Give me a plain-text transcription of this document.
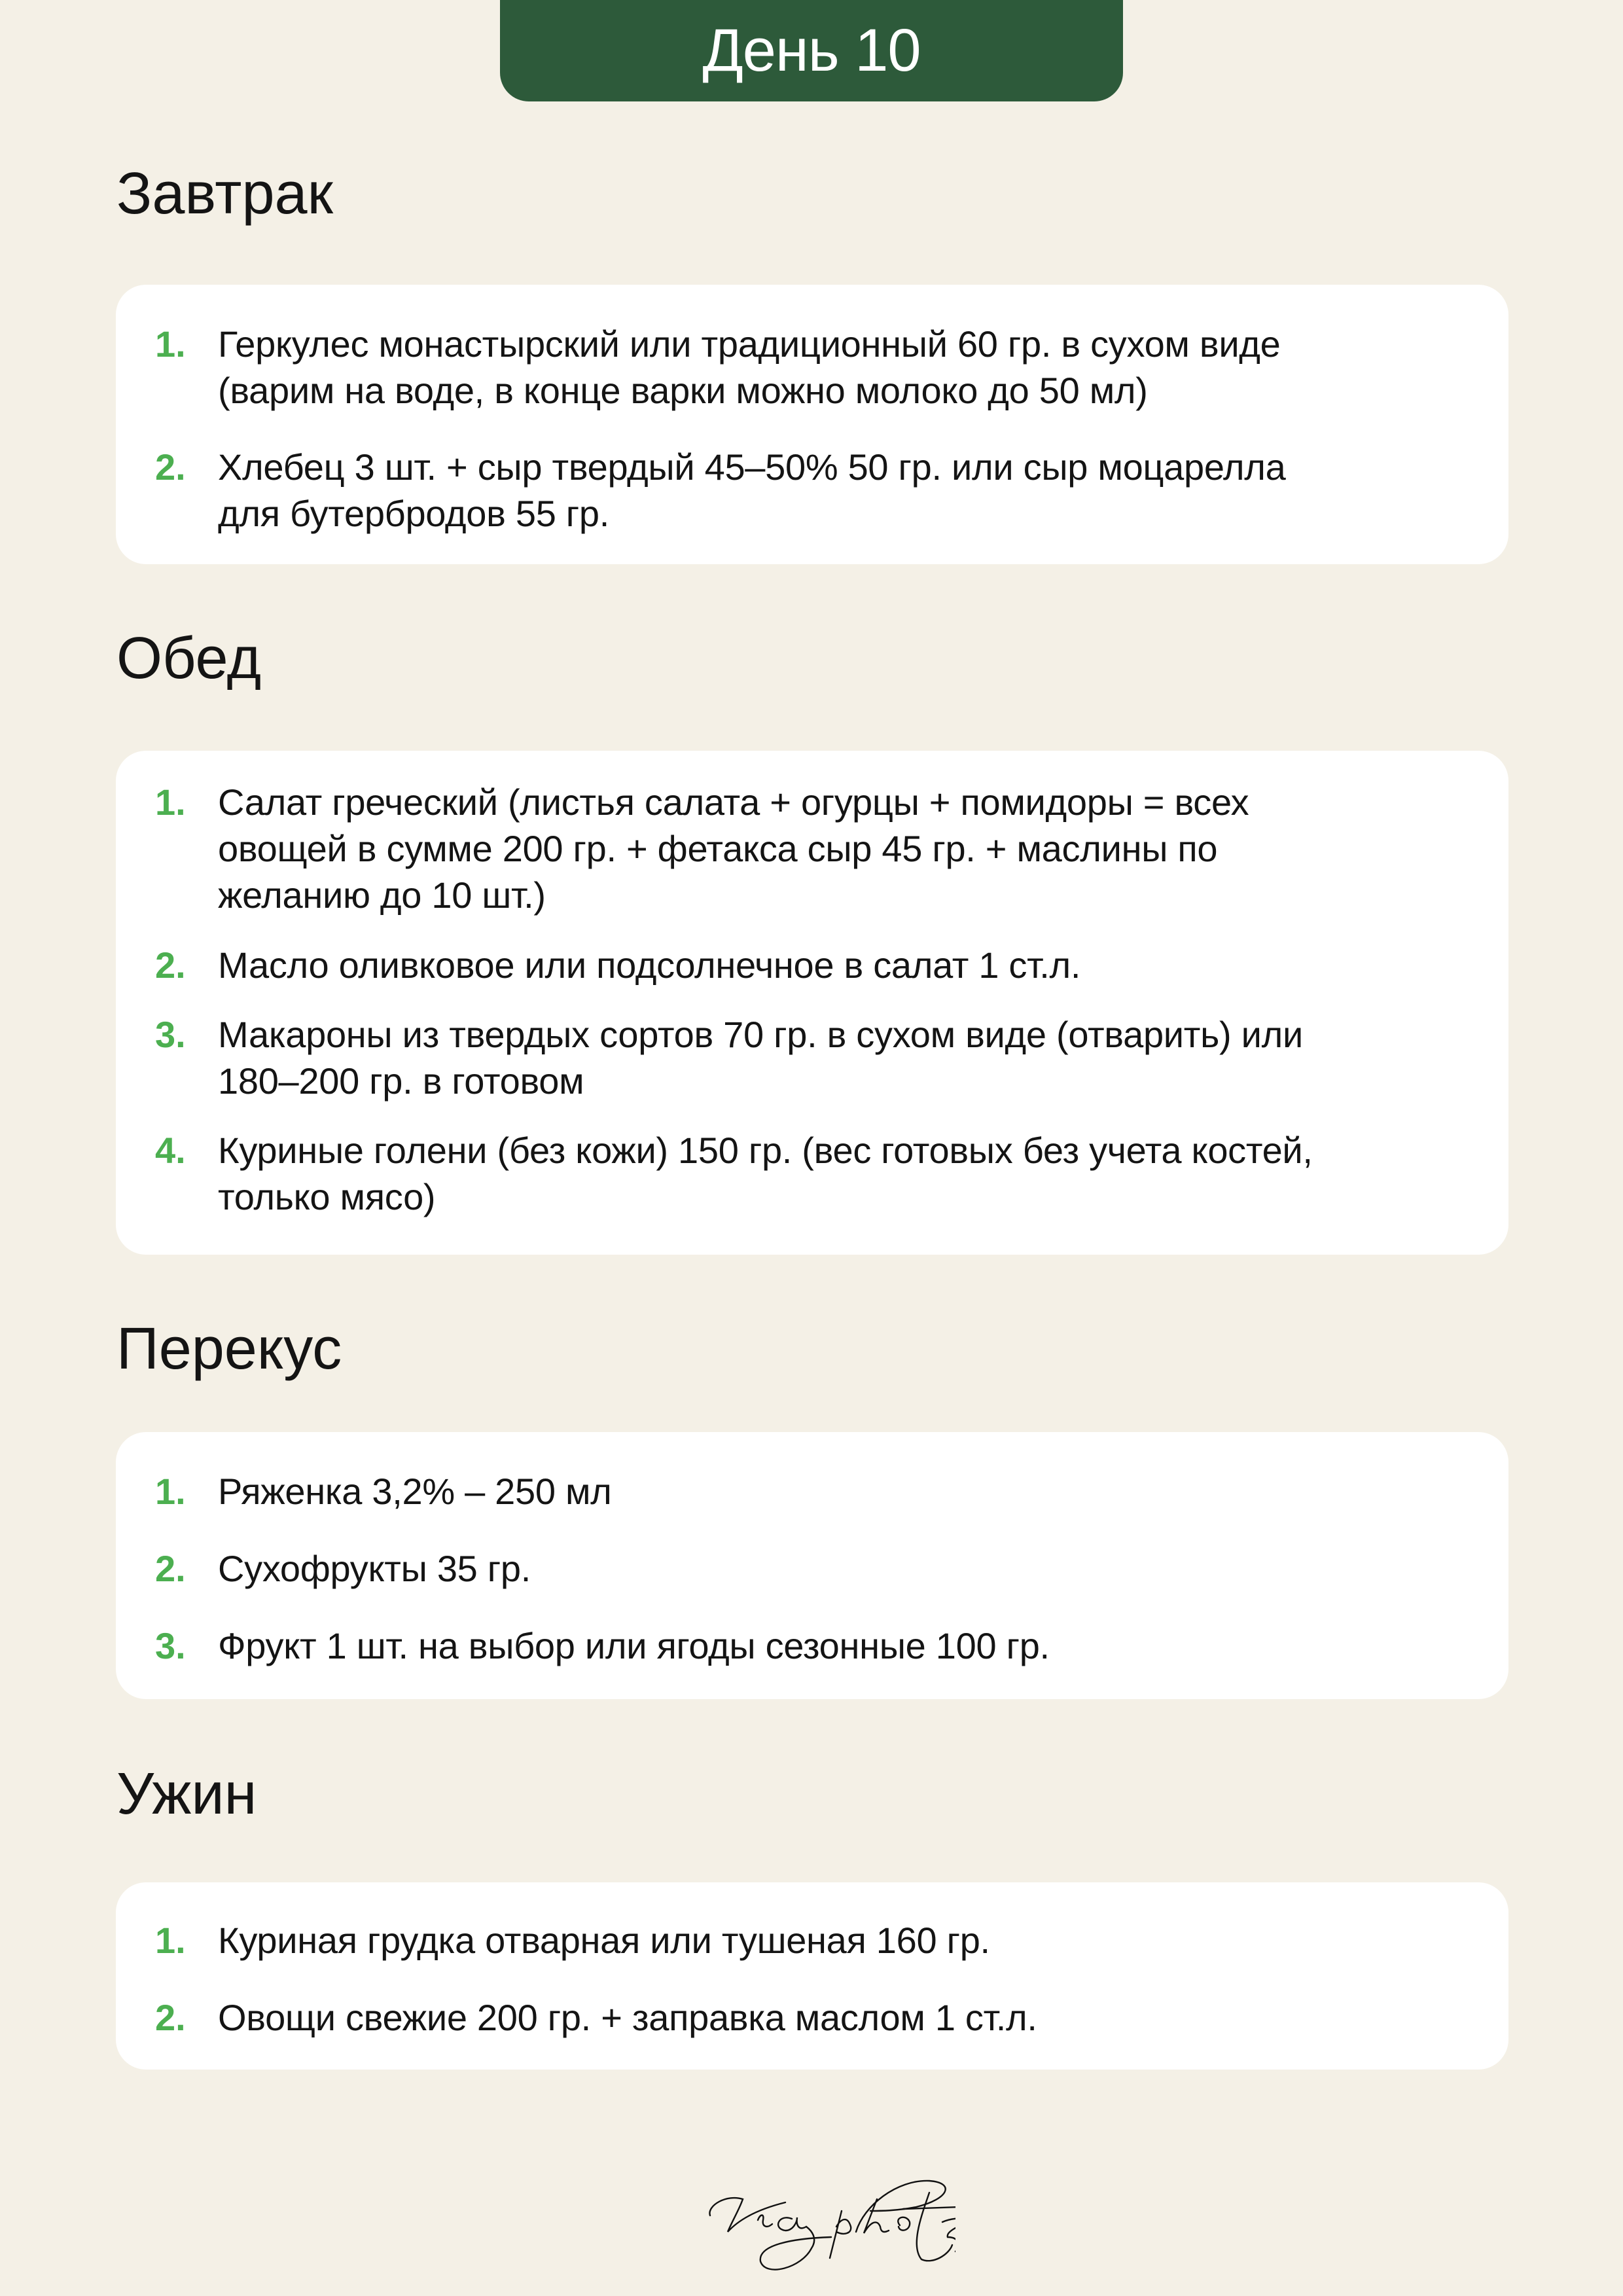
День 10
Завтрак
1. Геркулес монастырский или традиционный 60 гр. в сухом виде
(варим на воде, в конце варки можно молоко до 50 мл)
2. Хлебец 3 шт. + сыр твердый 45–50% 50 гр. или сыр моцарелла
для бутербродов 55 гр.
Обед
1. Салат греческий (листья салата + огурцы + помидоры = всех
овощей в сумме 200 гр. + фетакса сыр 45 гр. + маслины по
желанию до 10 шт.)
2. Масло оливковое или подсолнечное в салат 1 ст.л.
3. Макароны из твердых сортов 70 гр. в сухом виде (отварить) или
180–200 гр. в готовом
4. Куриные голени (без кожи) 150 гр. (вес готовых без учета костей,
только мясо)
Перекус
1. Ряженка 3,2% – 250 мл
2. Сухофрукты 35 гр.
3. Фрукт 1 шт. на выбор или ягоды сезонные 100 гр.
Ужин
1. Куриная грудка отварная или тушеная 160 гр.
2. Овощи свежие 200 гр. + заправка маслом 1 ст.л.
